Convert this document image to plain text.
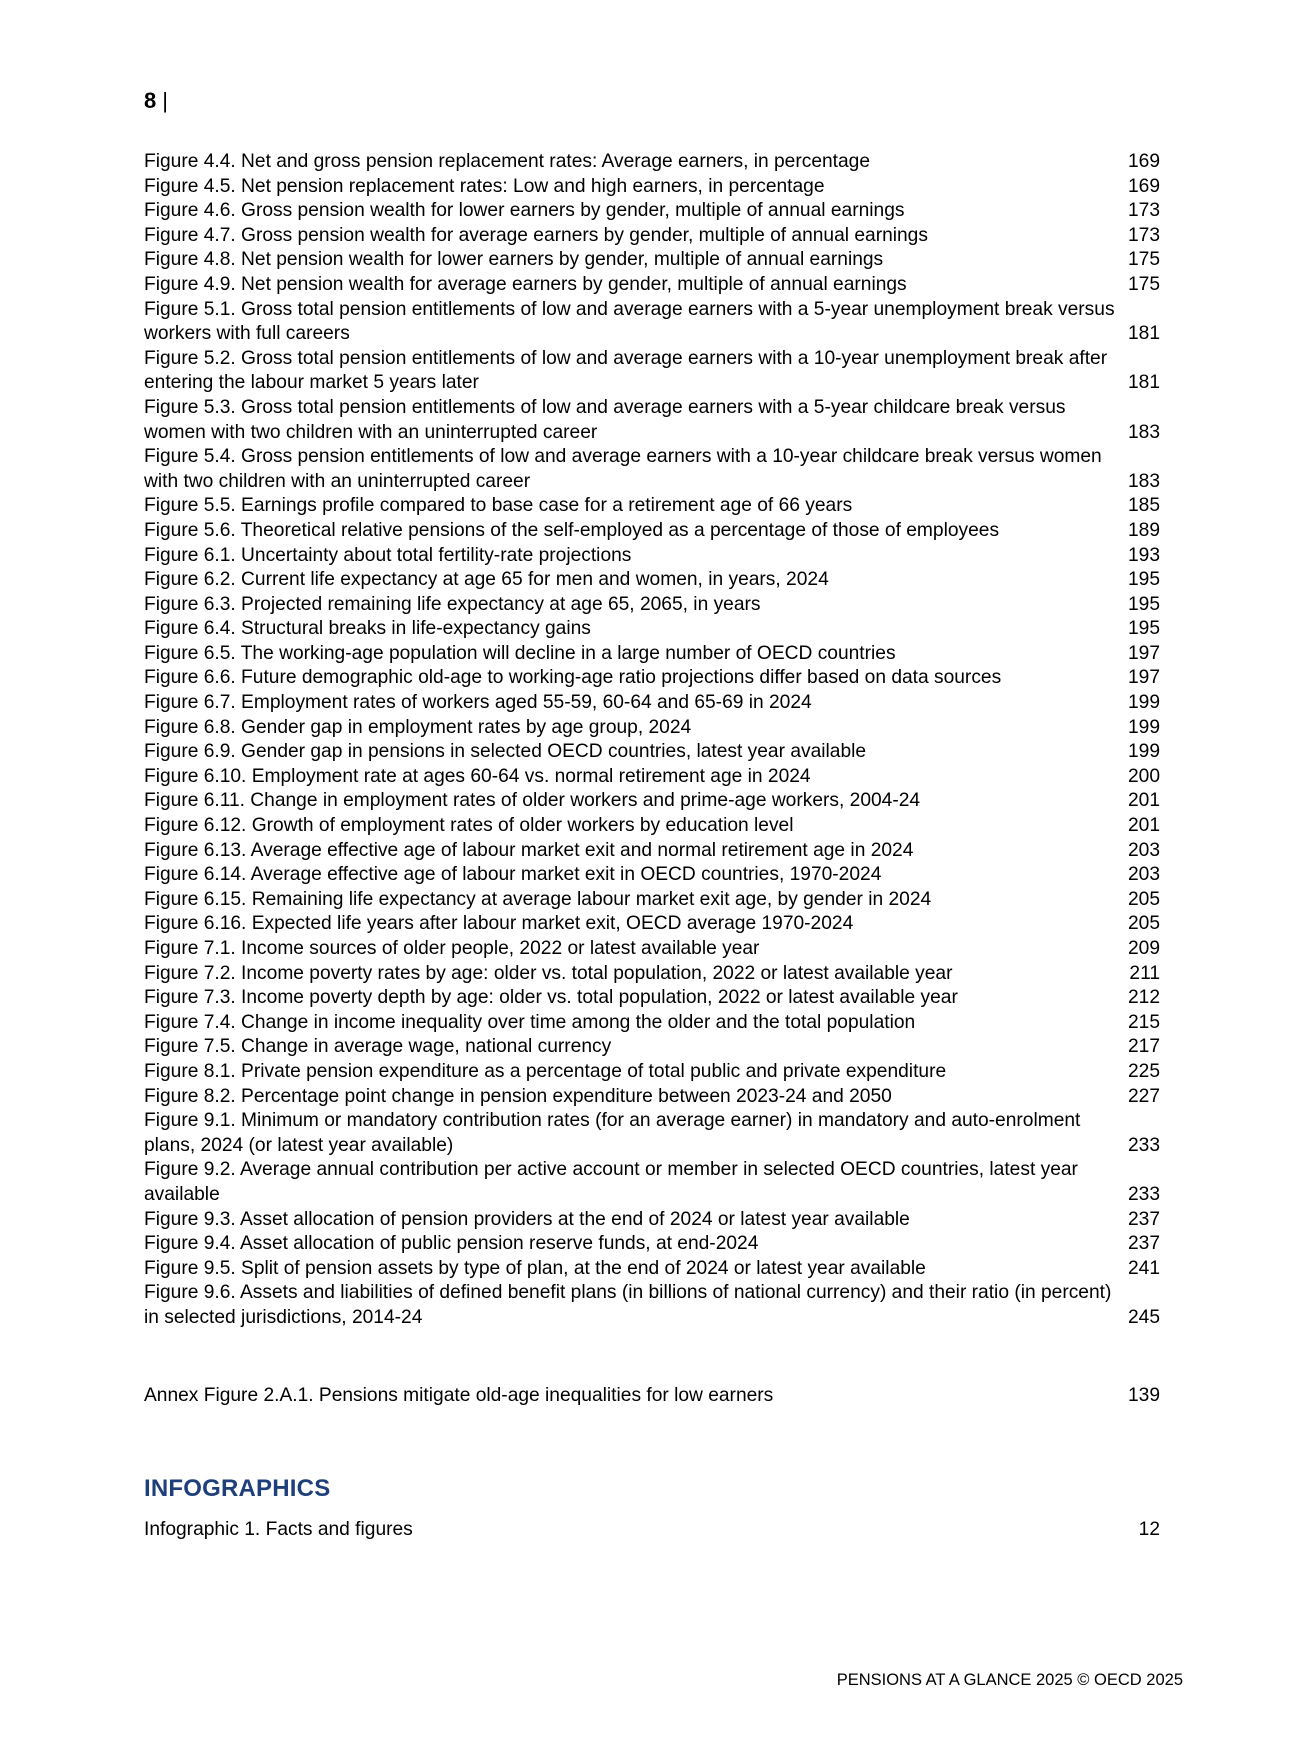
8 |
Figure 4.4. Net and gross pension replacement rates: Average earners, in percentage	169
Figure 4.5. Net pension replacement rates: Low and high earners, in percentage	169
Figure 4.6. Gross pension wealth for lower earners by gender, multiple of annual earnings	173
Figure 4.7. Gross pension wealth for average earners by gender, multiple of annual earnings	173
Figure 4.8. Net pension wealth for lower earners by gender, multiple of annual earnings	175
Figure 4.9. Net pension wealth for average earners by gender, multiple of annual earnings	175
Figure 5.1. Gross total pension entitlements of low and average earners with a 5-year unemployment break versus workers with full careers	181
Figure 5.2. Gross total pension entitlements of low and average earners with a 10-year unemployment break after entering the labour market 5 years later	181
Figure 5.3. Gross total pension entitlements of low and average earners with a 5-year childcare break versus women with two children with an uninterrupted career	183
Figure 5.4. Gross pension entitlements of low and average earners with a 10-year childcare break versus women with two children with an uninterrupted career	183
Figure 5.5. Earnings profile compared to base case for a retirement age of 66 years	185
Figure 5.6. Theoretical relative pensions of the self-employed as a percentage of those of employees	189
Figure 6.1. Uncertainty about total fertility-rate projections	193
Figure 6.2. Current life expectancy at age 65 for men and women, in years, 2024	195
Figure 6.3. Projected remaining life expectancy at age 65, 2065, in years	195
Figure 6.4. Structural breaks in life-expectancy gains	195
Figure 6.5. The working-age population will decline in a large number of OECD countries	197
Figure 6.6. Future demographic old-age to working-age ratio projections differ based on data sources	197
Figure 6.7. Employment rates of workers aged 55-59, 60-64 and 65-69 in 2024	199
Figure 6.8. Gender gap in employment rates by age group, 2024	199
Figure 6.9. Gender gap in pensions in selected OECD countries, latest year available	199
Figure 6.10. Employment rate at ages 60-64 vs. normal retirement age in 2024	200
Figure 6.11. Change in employment rates of older workers and prime-age workers, 2004-24	201
Figure 6.12. Growth of employment rates of older workers by education level	201
Figure 6.13. Average effective age of labour market exit and normal retirement age in 2024	203
Figure 6.14. Average effective age of labour market exit in OECD countries, 1970-2024	203
Figure 6.15. Remaining life expectancy at average labour market exit age, by gender in 2024	205
Figure 6.16. Expected life years after labour market exit, OECD average 1970-2024	205
Figure 7.1. Income sources of older people, 2022 or latest available year	209
Figure 7.2. Income poverty rates by age: older vs. total population, 2022 or latest available year	211
Figure 7.3. Income poverty depth by age: older vs. total population, 2022 or latest available year	212
Figure 7.4. Change in income inequality over time among the older and the total population	215
Figure 7.5. Change in average wage, national currency	217
Figure 8.1. Private pension expenditure as a percentage of total public and private expenditure	225
Figure 8.2. Percentage point change in pension expenditure between 2023-24 and 2050	227
Figure 9.1. Minimum or mandatory contribution rates (for an average earner) in mandatory and auto-enrolment plans, 2024 (or latest year available)	233
Figure 9.2. Average annual contribution per active account or member in selected OECD countries, latest year available	233
Figure 9.3. Asset allocation of pension providers at the end of 2024 or latest year available	237
Figure 9.4. Asset allocation of public pension reserve funds, at end-2024	237
Figure 9.5. Split of pension assets by type of plan, at the end of 2024 or latest year available	241
Figure 9.6. Assets and liabilities of defined benefit plans (in billions of national currency) and their ratio (in percent) in selected jurisdictions, 2014-24	245
Annex Figure 2.A.1. Pensions mitigate old-age inequalities for low earners	139
INFOGRAPHICS
Infographic 1. Facts and figures	12
PENSIONS AT A GLANCE 2025 © OECD 2025
